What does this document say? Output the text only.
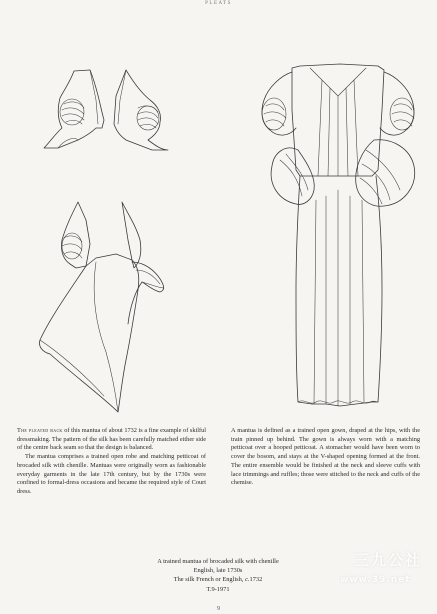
PLEATS

The pleated back of this mantua of about 1732 is a fine example of skilful dressmaking. The pattern of the silk has been carefully matched either side of the centre back seam so that the design is balanced.

The mantua comprises a trained open robe and matching petticoat of brocaded silk with chenille. Mantuas were originally worn as fashionable everyday garments in the late 17th century, but by the 1730s were confined to formal-dress occasions and became the required style of Court dress.

A mantua is defined as a trained open gown, draped at the hips, with the train pinned up behind. The gown is always worn with a matching petticoat over a hooped petticoat. A stomacher would have been worn to cover the bosom, and stays at the V-shaped opening formed at the front. The entire ensemble would be finished at the neck and sleeve cuffs with lace trimmings and ruffles; those were stitched to the neck and cuffs of the chemise.

A trained mantua of brocaded silk with chenille
English, late 1730s
The silk French or English, c.1732
T.9-1971
9
三九公社
www.39.net
